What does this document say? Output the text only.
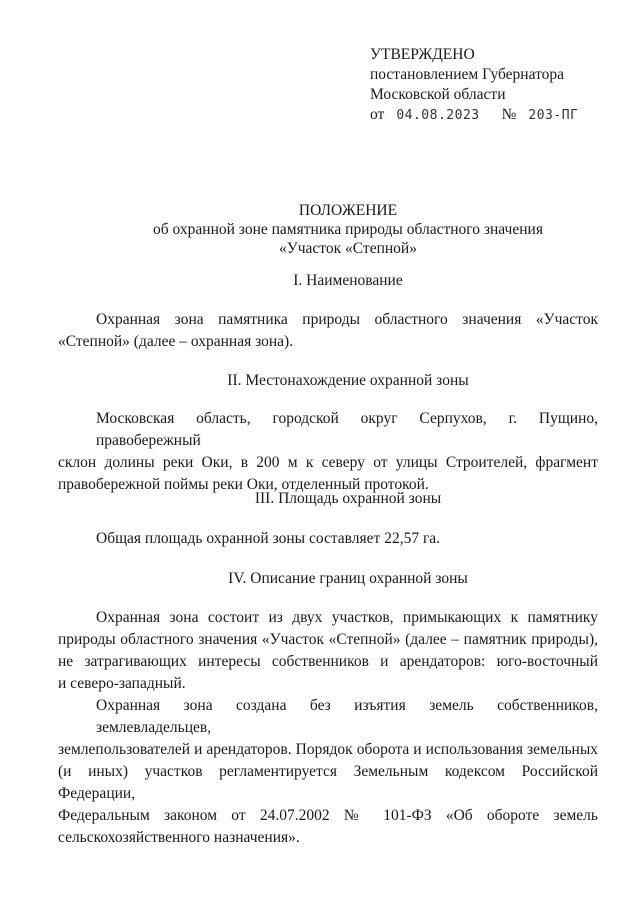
УТВЕРЖДЕНО
постановлением Губернатора
Московской области
от 04.08.2023 № 203-ПГ
ПОЛОЖЕНИЕ
об охранной зоне памятника природы областного значения
«Участок «Степной»
I. Наименование
Охранная зона памятника природы областного значения «Участок
«Степной» (далее – охранная зона).
II. Местонахождение охранной зоны
Московская область, городской округ Серпухов, г. Пущино, правобережный
склон долины реки Оки, в 200 м к северу от улицы Строителей, фрагмент
правобережной поймы реки Оки, отделенный протокой.
III. Площадь охранной зоны
Общая площадь охранной зоны составляет 22,57 га.
IV. Описание границ охранной зоны
Охранная зона состоит из двух участков, примыкающих к памятнику
природы областного значения «Участок «Степной» (далее – памятник природы),
не затрагивающих интересы собственников и арендаторов: юго-восточный
и северо-западный.
Охранная зона создана без изъятия земель собственников, землевладельцев,
землепользователей и арендаторов. Порядок оборота и использования земельных
(и иных) участков регламентируется Земельным кодексом Российской Федерации,
Федеральным законом от 24.07.2002 № 101-ФЗ «Об обороте земель
сельскохозяйственного назначения».
